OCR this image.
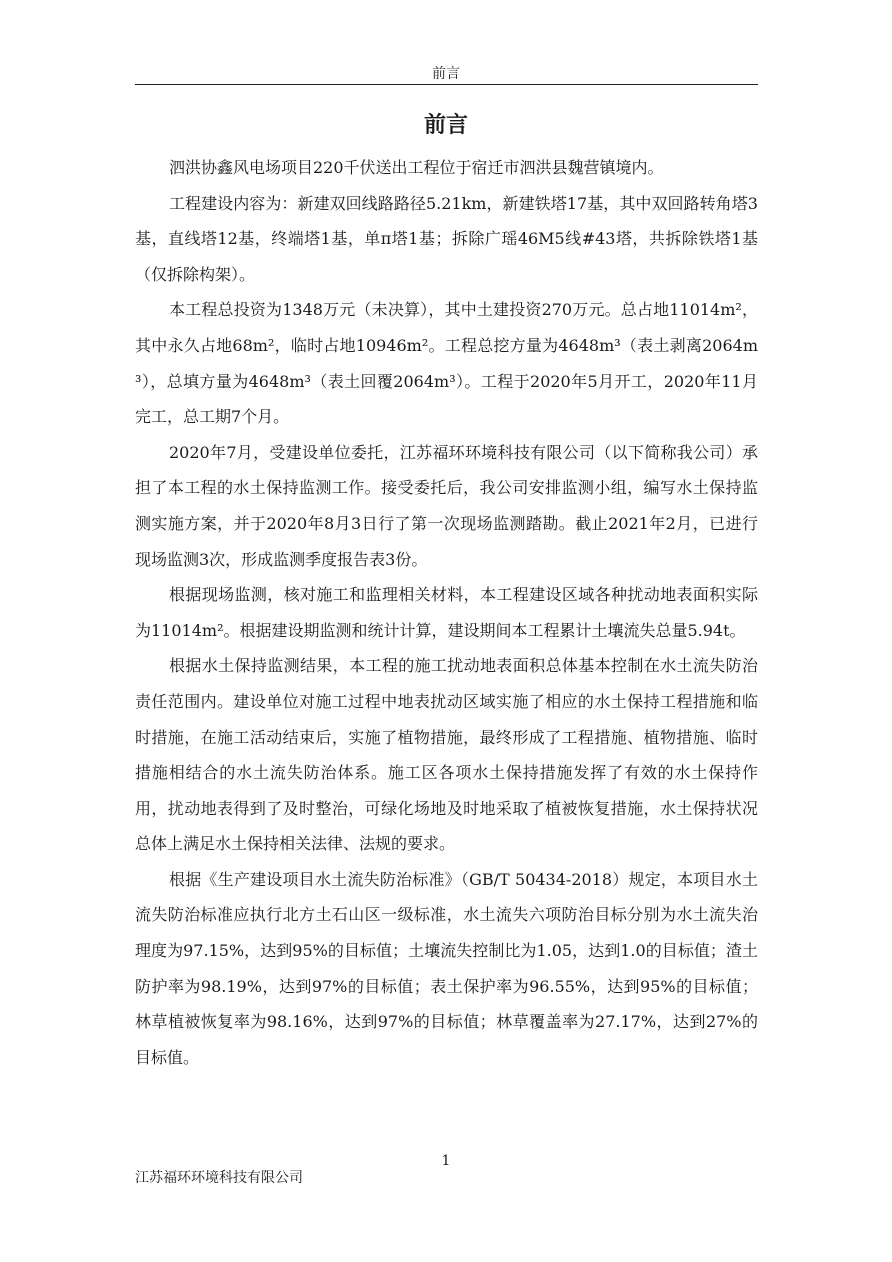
前言
前言

泗洪协鑫风电场项目220千伏送出工程位于宿迁市泗洪县魏营镇境内。

工程建设内容为：新建双回线路路径5.21km，新建铁塔17基，其中双回路转角塔3基，直线塔12基，终端塔1基，单π塔1基；拆除广瑶46M5线#43塔，共拆除铁塔1基（仅拆除构架）。

本工程总投资为1348万元（未决算），其中土建投资270万元。总占地11014m²，其中永久占地68m²，临时占地10946m²。工程总挖方量为4648m³（表土剥离2064m³），总填方量为4648m³（表土回覆2064m³）。工程于2020年5月开工，2020年11月完工，总工期7个月。

2020年7月，受建设单位委托，江苏福环环境科技有限公司（以下简称我公司）承担了本工程的水土保持监测工作。接受委托后，我公司安排监测小组，编写水土保持监测实施方案，并于2020年8月3日行了第一次现场监测踏勘。截止2021年2月，已进行现场监测3次，形成监测季度报告表3份。

根据现场监测，核对施工和监理相关材料，本工程建设区域各种扰动地表面积实际为11014m²。根据建设期监测和统计计算，建设期间本工程累计土壤流失总量5.94t。

根据水土保持监测结果，本工程的施工扰动地表面积总体基本控制在水土流失防治责任范围内。建设单位对施工过程中地表扰动区域实施了相应的水土保持工程措施和临时措施，在施工活动结束后，实施了植物措施，最终形成了工程措施、植物措施、临时措施相结合的水土流失防治体系。施工区各项水土保持措施发挥了有效的水土保持作用，扰动地表得到了及时整治，可绿化场地及时地采取了植被恢复措施，水土保持状况总体上满足水土保持相关法律、法规的要求。

根据《生产建设项目水土流失防治标准》（GB/T 50434-2018）规定，本项目水土流失防治标准应执行北方土石山区一级标准，水土流失六项防治目标分别为水土流失治理度为97.15%，达到95%的目标值；土壤流失控制比为1.05，达到1.0的目标值；渣土防护率为98.19%，达到97%的目标值；表土保护率为96.55%，达到95%的目标值；林草植被恢复率为98.16%，达到97%的目标值；林草覆盖率为27.17%，达到27%的目标值。

1
江苏福环环境科技有限公司
